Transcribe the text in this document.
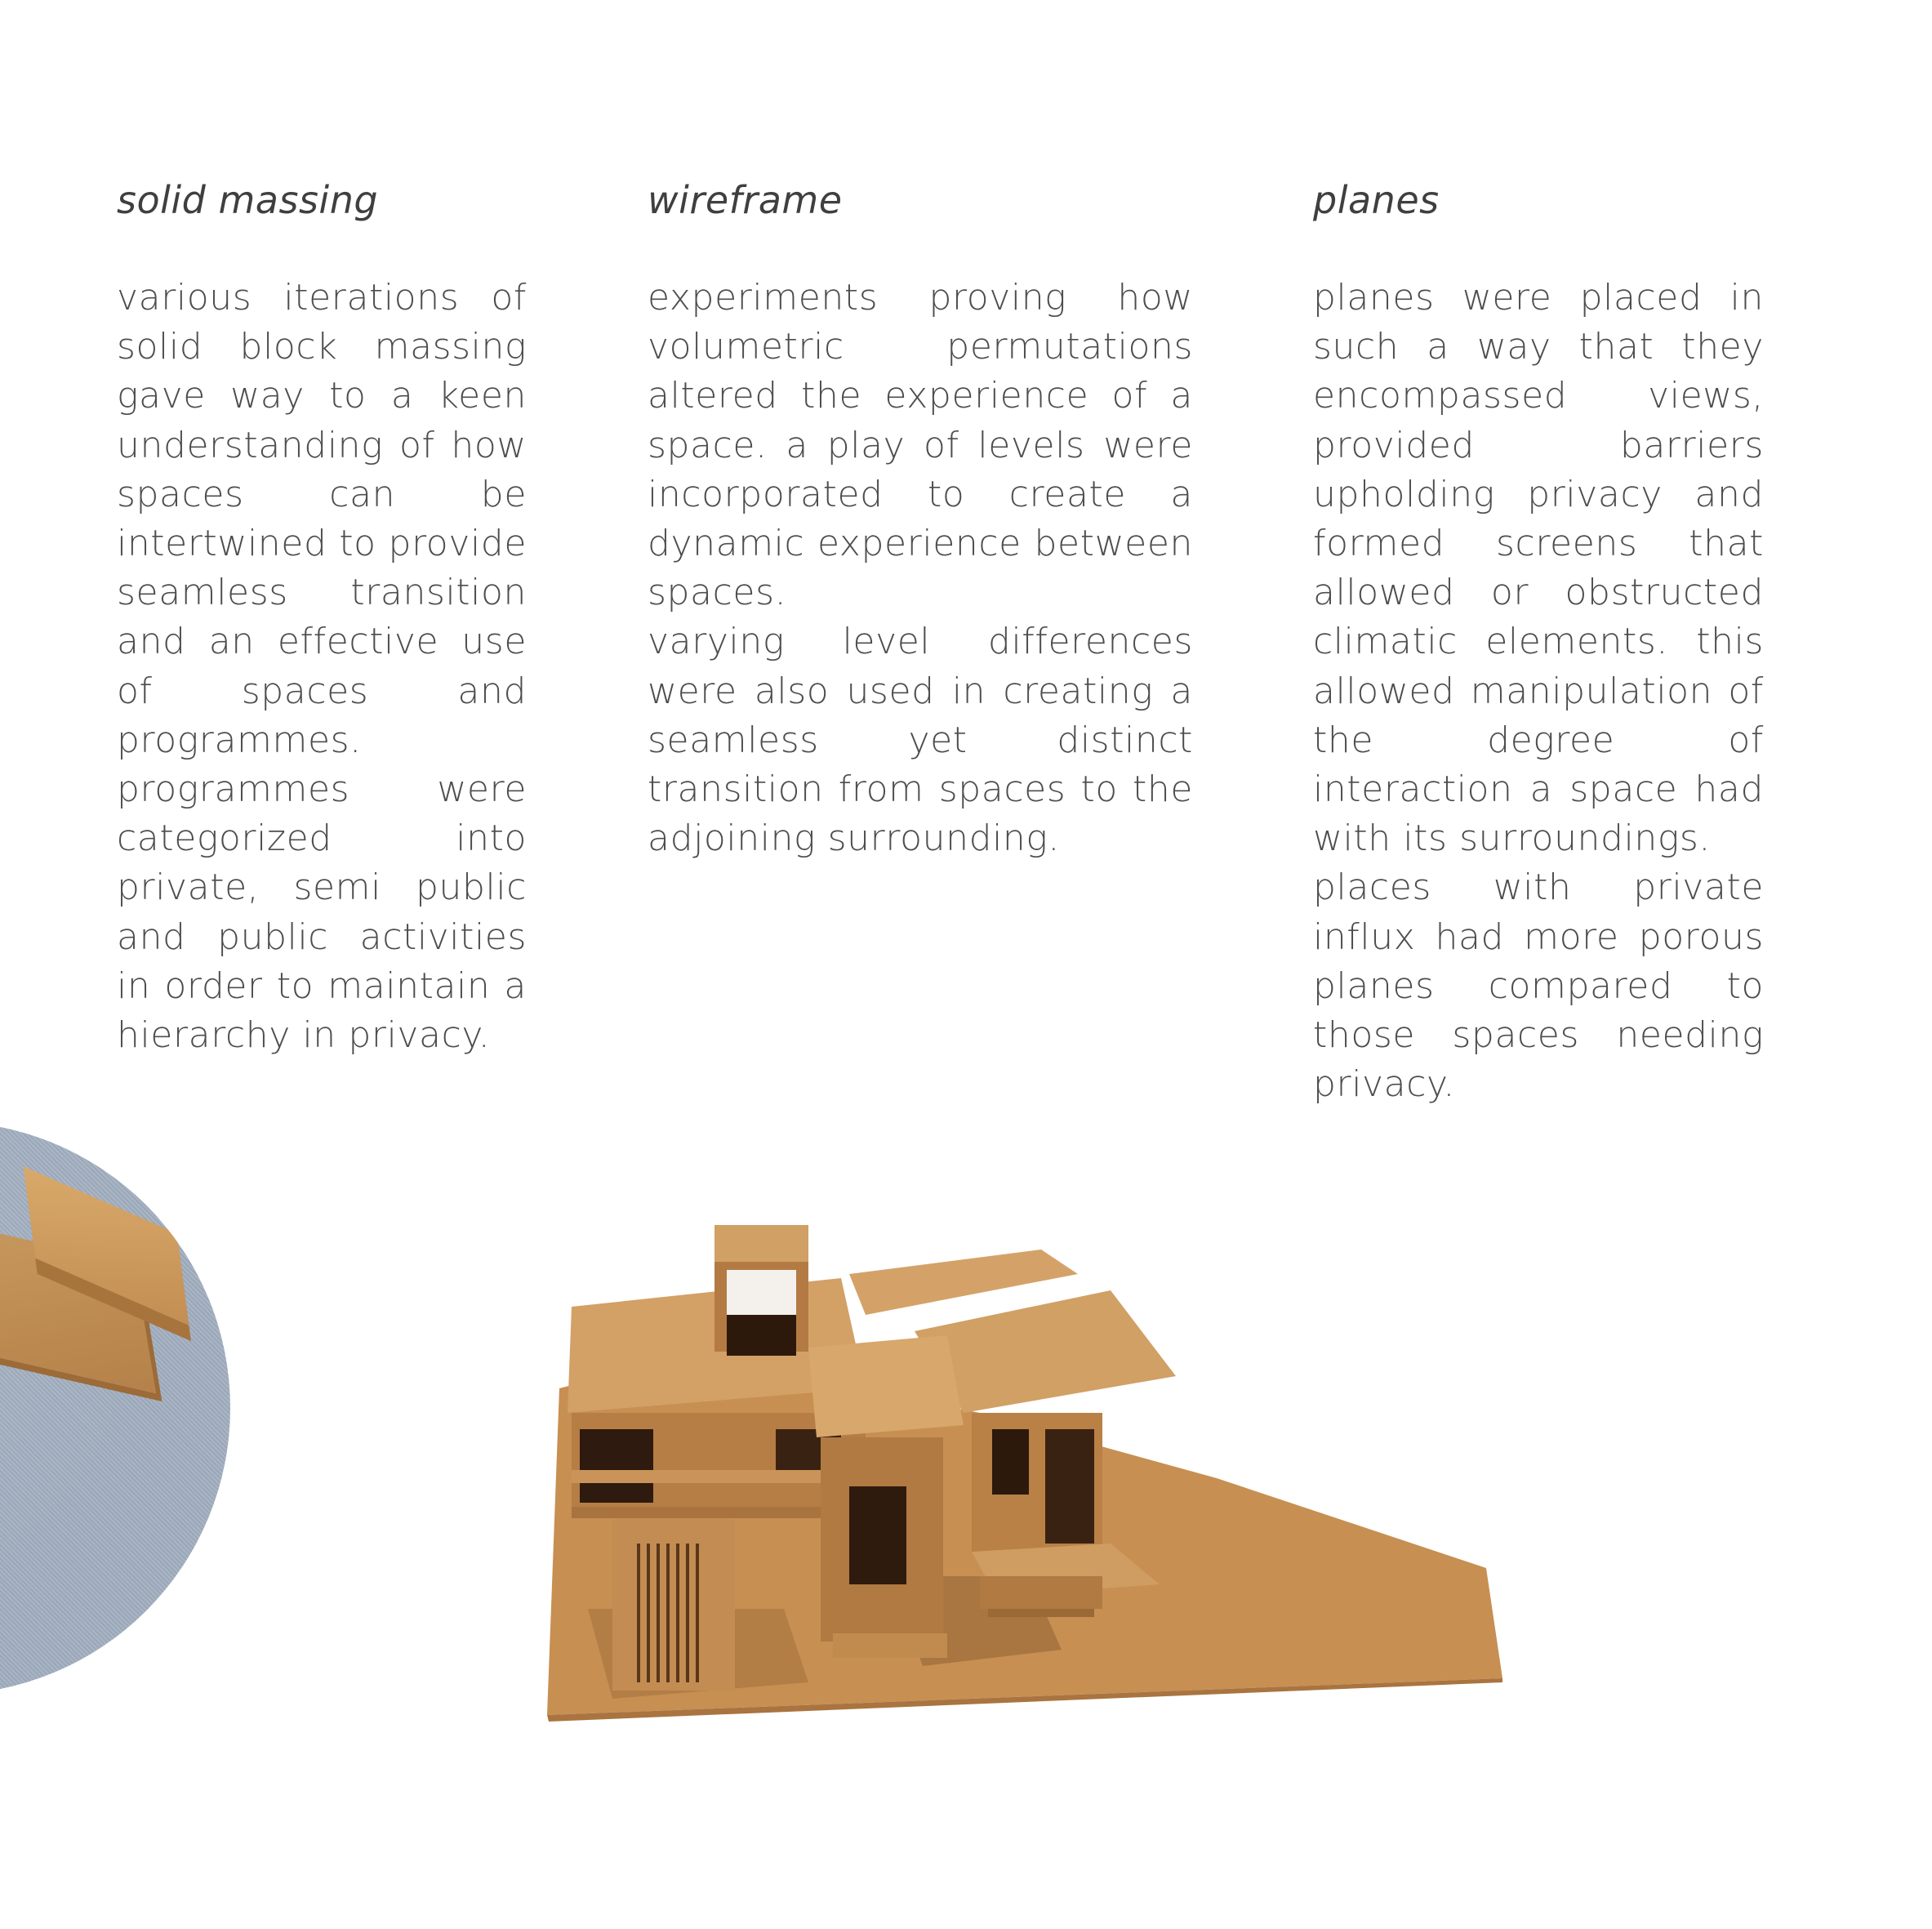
solid massing

various iterations of solid block massing gave way to a keen understanding of how spaces can be intertwined to provide seamless transition and an effective use of spaces and programmes.

programmes were categorized into private, semi public and public activities in order to maintain a hierarchy in privacy.

wireframe

experiments proving how volumetric permutations altered the experience of a space. a play of levels were incorporated to create a dynamic experience between spaces.

varying level differences were also used in creating a seamless yet distinct transition from spaces to the adjoining surrounding.

planes

planes were placed in such a way that they encompassed views, provided barriers upholding privacy and formed screens that allowed or obstructed climatic elements. this allowed manipulation of the degree of interaction a space had with its surroundings.

places with private influx had more porous planes compared to those spaces needing privacy.
